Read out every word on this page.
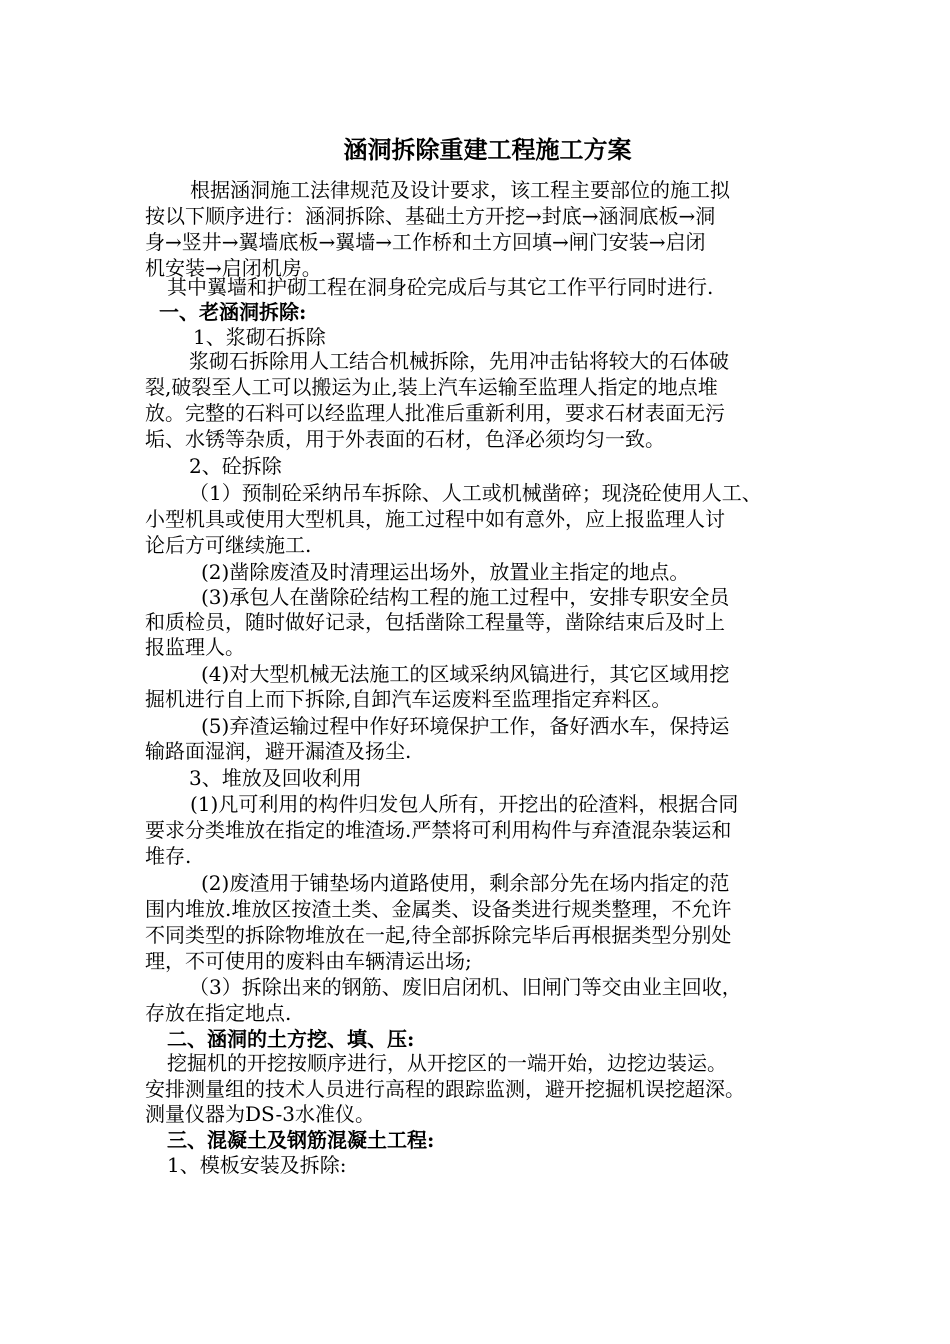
涵洞拆除重建工程施工方案
根据涵洞施工法律规范及设计要求，该工程主要部位的施工拟
按以下顺序进行：涵洞拆除、基础土方开挖→封底→涵洞底板→洞
身→竖井→翼墙底板→翼墙→工作桥和土方回填→闸门安装→启闭
机安装→启闭机房。
其中翼墙和护砌工程在洞身砼完成后与其它工作平行同时进行.
一、老涵洞拆除:
1、浆砌石拆除
浆砌石拆除用人工结合机械拆除，先用冲击钻将较大的石体破
裂,破裂至人工可以搬运为止,装上汽车运输至监理人指定的地点堆
放。完整的石料可以经监理人批准后重新利用，要求石材表面无污
垢、水锈等杂质，用于外表面的石材，色泽必须均匀一致。
2、砼拆除
（1）预制砼采纳吊车拆除、人工或机械凿碎；现浇砼使用人工、
小型机具或使用大型机具，施工过程中如有意外，应上报监理人讨
论后方可继续施工.
(2)凿除废渣及时清理运出场外，放置业主指定的地点。
(3)承包人在凿除砼结构工程的施工过程中，安排专职安全员
和质检员，随时做好记录，包括凿除工程量等，凿除结束后及时上
报监理人。
(4)对大型机械无法施工的区域采纳风镐进行，其它区域用挖
掘机进行自上而下拆除,自卸汽车运废料至监理指定弃料区。
(5)弃渣运输过程中作好环境保护工作，备好洒水车，保持运
输路面湿润，避开漏渣及扬尘.
3、堆放及回收利用
(1)凡可利用的构件归发包人所有，开挖出的砼渣料，根据合同
要求分类堆放在指定的堆渣场.严禁将可利用构件与弃渣混杂装运和
堆存.
(2)废渣用于铺垫场内道路使用，剩余部分先在场内指定的范
围内堆放.堆放区按渣土类、金属类、设备类进行规类整理，不允许
不同类型的拆除物堆放在一起,待全部拆除完毕后再根据类型分别处
理，不可使用的废料由车辆清运出场;
（3）拆除出来的钢筋、废旧启闭机、旧闸门等交由业主回收，
存放在指定地点.
二、涵洞的土方挖、填、压:
挖掘机的开挖按顺序进行，从开挖区的一端开始，边挖边装运。
安排测量组的技术人员进行高程的跟踪监测，避开挖掘机误挖超深。
测量仪器为DS-3水准仪。
三、混凝土及钢筋混凝土工程:
1、模板安装及拆除:
